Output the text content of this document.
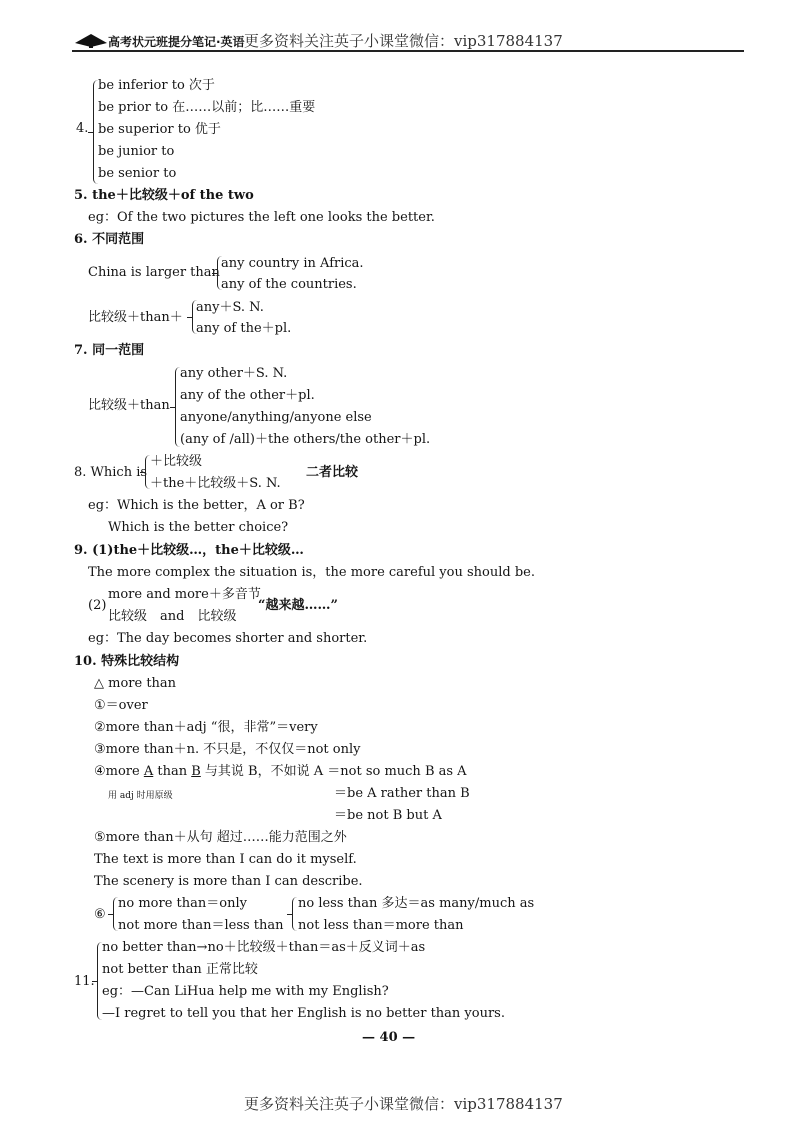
高考状元班提分笔记·英语 更多资料关注英子小课堂微信：vip317884137
4.
be inferior to 次于
be prior to 在……以前；比……重要
be superior to 优于
be junior to
be senior to
5. the＋比较级＋of the two
eg：Of the two pictures the left one looks the better.
6. 不同范围
China is larger than
any country in Africa.
any of the countries.
比较级＋than＋
any＋S. N.
any of the＋pl.
7. 同一范围
比较级＋than
any other＋S. N.
any of the other＋pl.
anyone/anything/anyone else
(any of /all)＋the others/the other＋pl.
8. Which is
＋比较级
＋the＋比较级＋S. N.
二者比较
eg：Which is the better，A or B?
Which is the better choice?
9. (1)the＋比较级…，the＋比较级…
The more complex the situation is，the more careful you should be.
(2)
more and more＋多音节
比较级　and　比较级
“越来越……”
eg：The day becomes shorter and shorter.
10. 特殊比较结构
△ more than
①＝over
②more than＋adj “很，非常”＝very
③more than＋n. 不只是，不仅仅＝not only
④more A than B 与其说 B，不如说 A ＝not so much B as A
用 adj 时用原级	＝be A rather than B
＝be not B but A
⑤more than＋从句 超过……能力范围之外
The text is more than I can do it myself.
The scenery is more than I can describe.
⑥
no more than＝only
not more than＝less than
no less than 多达＝as many/much as
not less than＝more than
11.
no better than→no＋比较级＋than＝as＋反义词＋as
not better than 正常比较
eg：—Can LiHua help me with my English?
—I regret to tell you that her English is no better than yours.
— 40 —
更多资料关注英子小课堂微信：vip317884137
